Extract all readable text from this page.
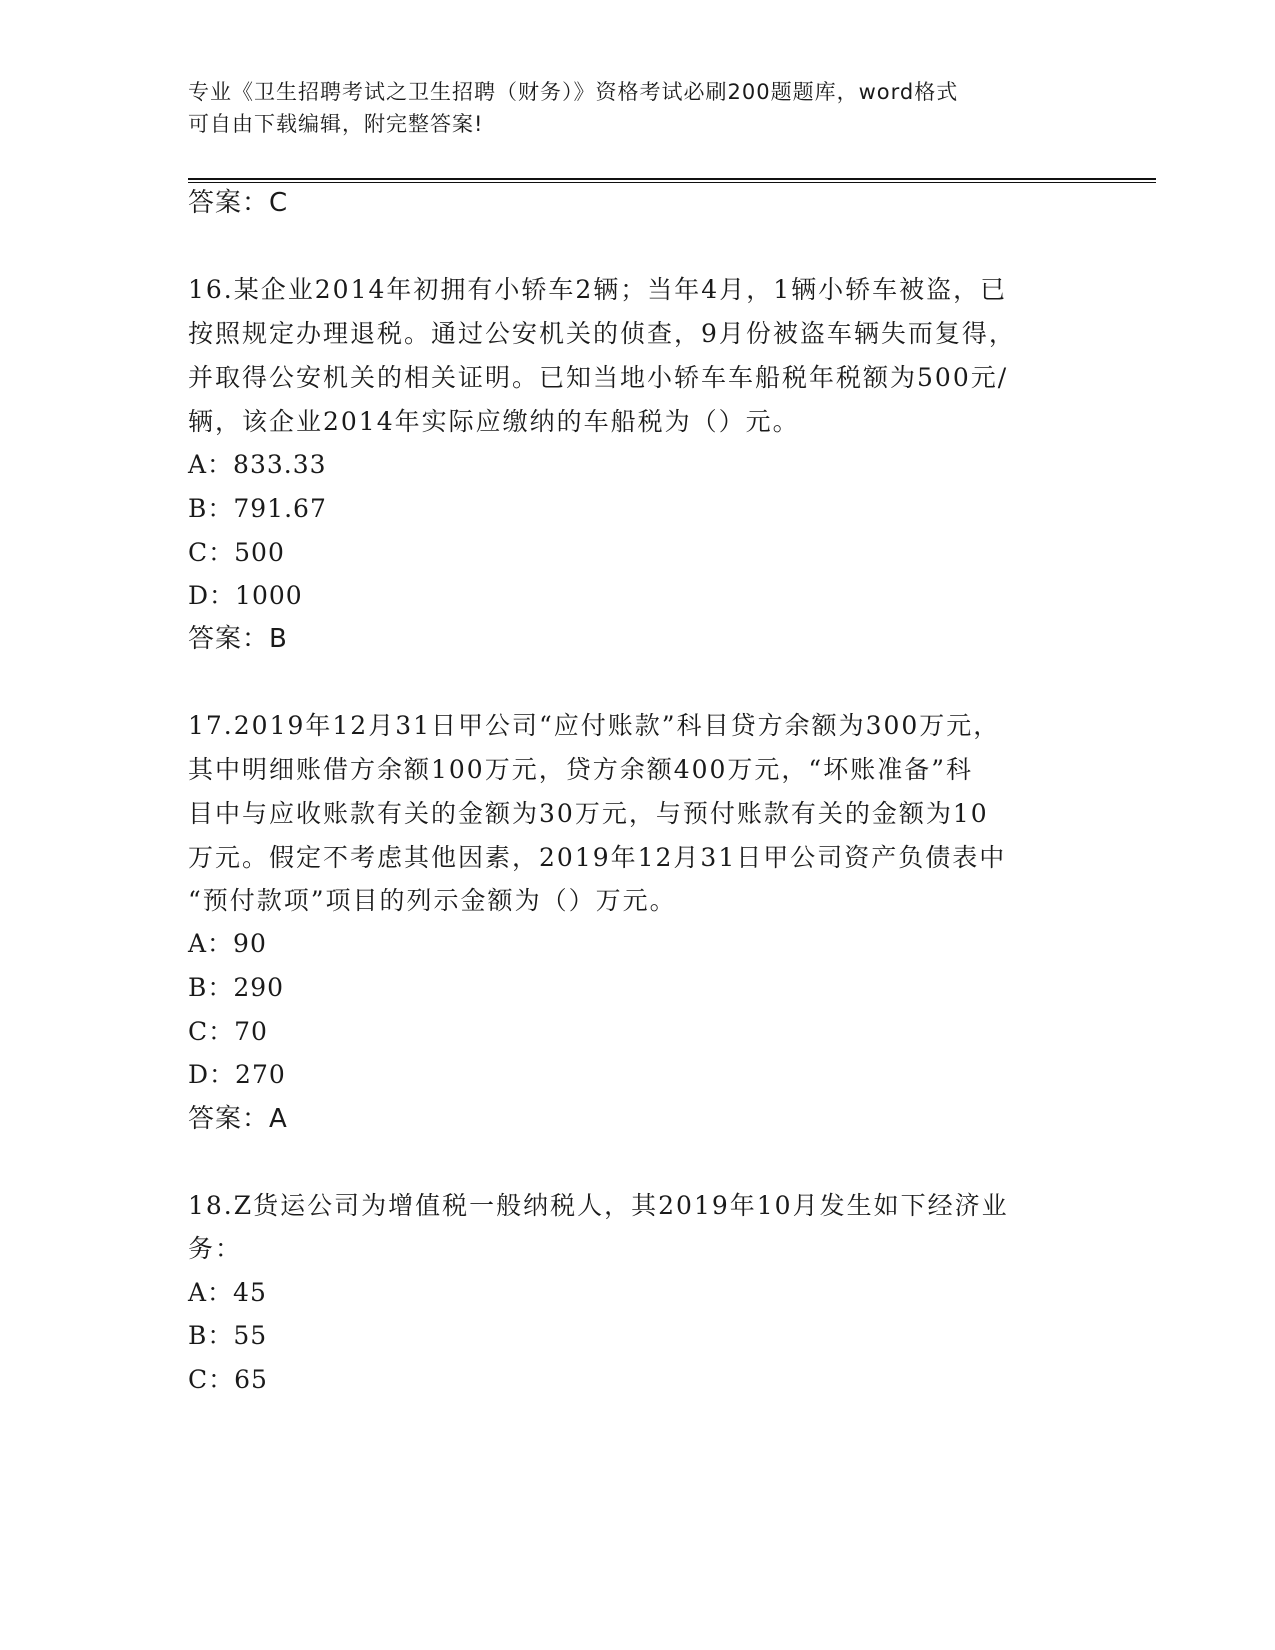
专业《卫生招聘考试之卫生招聘（财务）》资格考试必刷200题题库，word格式
可自由下载编辑，附完整答案!
答案：C
16.某企业2014年初拥有小轿车2辆；当年4月，1辆小轿车被盗，已
按照规定办理退税。通过公安机关的侦查，9月份被盗车辆失而复得，
并取得公安机关的相关证明。已知当地小轿车车船税年税额为500元/
辆，该企业2014年实际应缴纳的车船税为（）元。
A：833.33
B：791.67
C：500
D：1000
答案：B
17.2019年12月31日甲公司“应付账款”科目贷方余额为300万元，
其中明细账借方余额100万元，贷方余额400万元，“坏账准备”科
目中与应收账款有关的金额为30万元，与预付账款有关的金额为10
万元。假定不考虑其他因素，2019年12月31日甲公司资产负债表中
“预付款项”项目的列示金额为（）万元。
A：90
B：290
C：70
D：270
答案：A
18.Z货运公司为增值税一般纳税人，其2019年10月发生如下经济业
务：
A：45
B：55
C：65
